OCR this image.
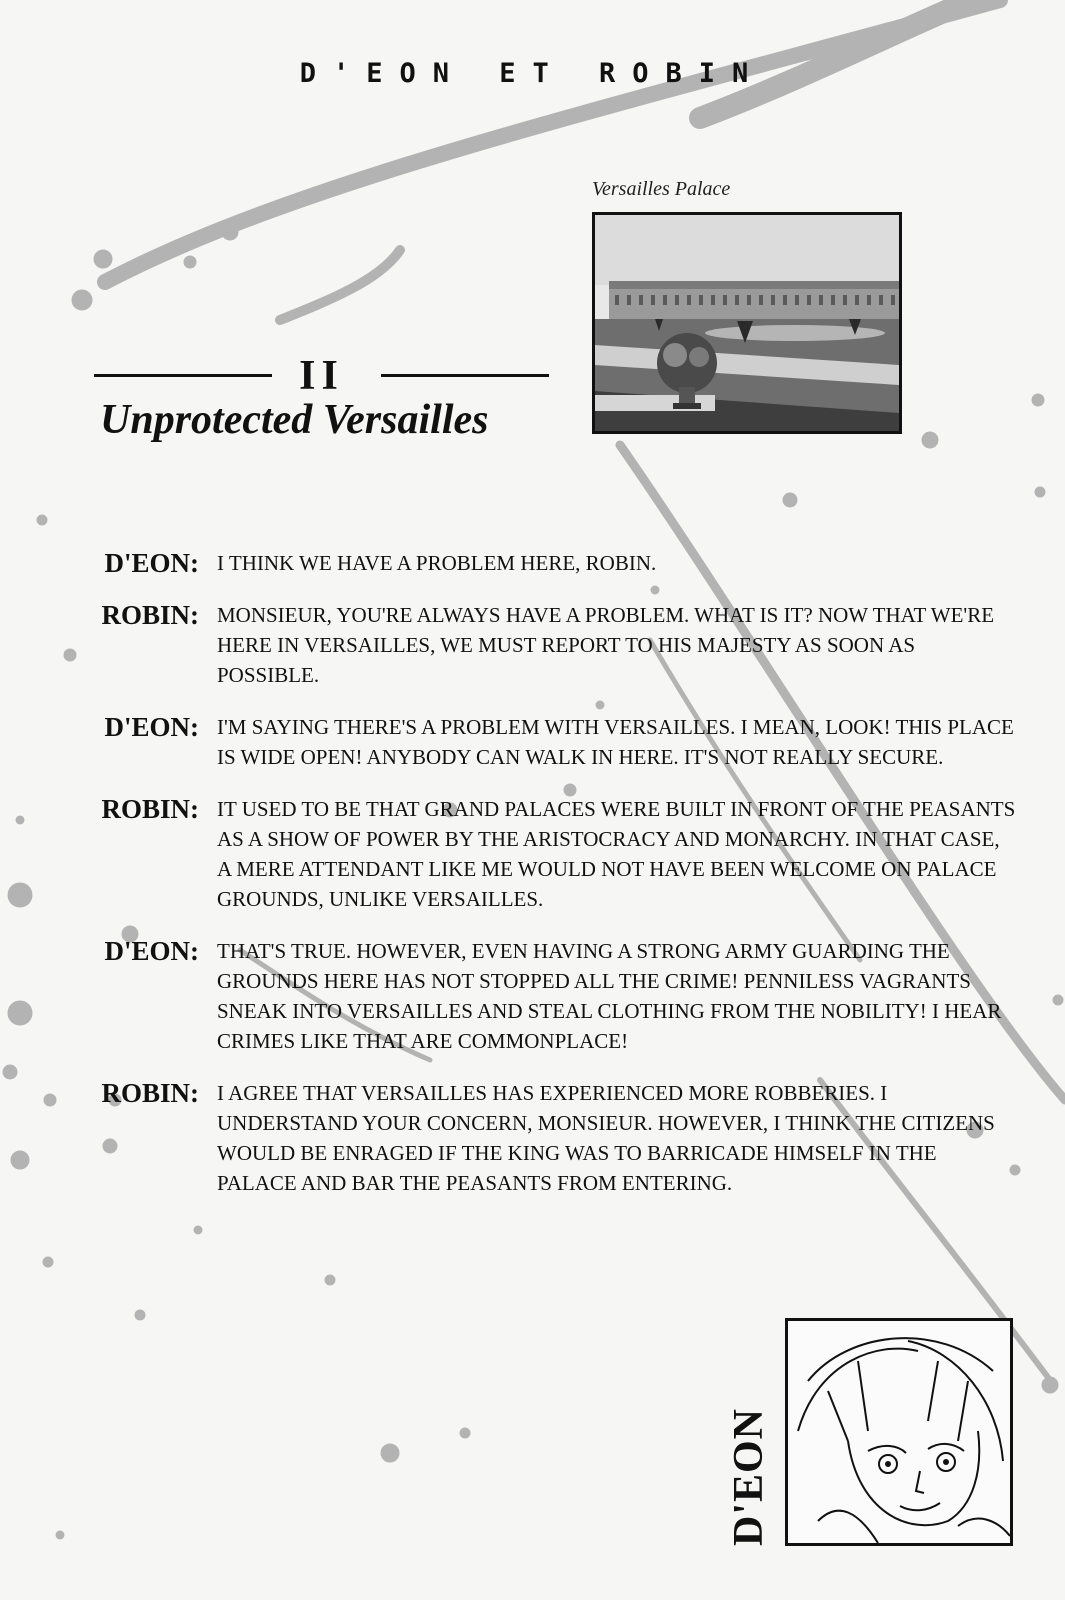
D'EON ET ROBIN
Versailles Palace
II
Unprotected Versailles
D'EON: I THINK WE HAVE A PROBLEM HERE, ROBIN.
ROBIN: MONSIEUR, YOU'RE ALWAYS HAVE A PROBLEM. WHAT IS IT? NOW THAT WE'RE HERE IN VERSAILLES, WE MUST REPORT TO HIS MAJESTY AS SOON AS POSSIBLE.
D'EON: I'M SAYING THERE'S A PROBLEM WITH VERSAILLES. I MEAN, LOOK! THIS PLACE IS WIDE OPEN! ANYBODY CAN WALK IN HERE. IT'S NOT REALLY SECURE.
ROBIN: IT USED TO BE THAT GRAND PALACES WERE BUILT IN FRONT OF THE PEASANTS AS A SHOW OF POWER BY THE ARISTOCRACY AND MONARCHY. IN THAT CASE, A MERE ATTENDANT LIKE ME WOULD NOT HAVE BEEN WELCOME ON PALACE GROUNDS, UNLIKE VERSAILLES.
D'EON: THAT'S TRUE. HOWEVER, EVEN HAVING A STRONG ARMY GUARDING THE GROUNDS HERE HAS NOT STOPPED ALL THE CRIME! PENNILESS VAGRANTS SNEAK INTO VERSAILLES AND STEAL CLOTHING FROM THE NOBILITY! I HEAR CRIMES LIKE THAT ARE COMMONPLACE!
ROBIN: I AGREE THAT VERSAILLES HAS EXPERIENCED MORE ROBBERIES. I UNDERSTAND YOUR CONCERN, MONSIEUR. HOWEVER, I THINK THE CITIZENS WOULD BE ENRAGED IF THE KING WAS TO BARRICADE HIMSELF IN THE PALACE AND BAR THE PEASANTS FROM ENTERING.
D'EON
